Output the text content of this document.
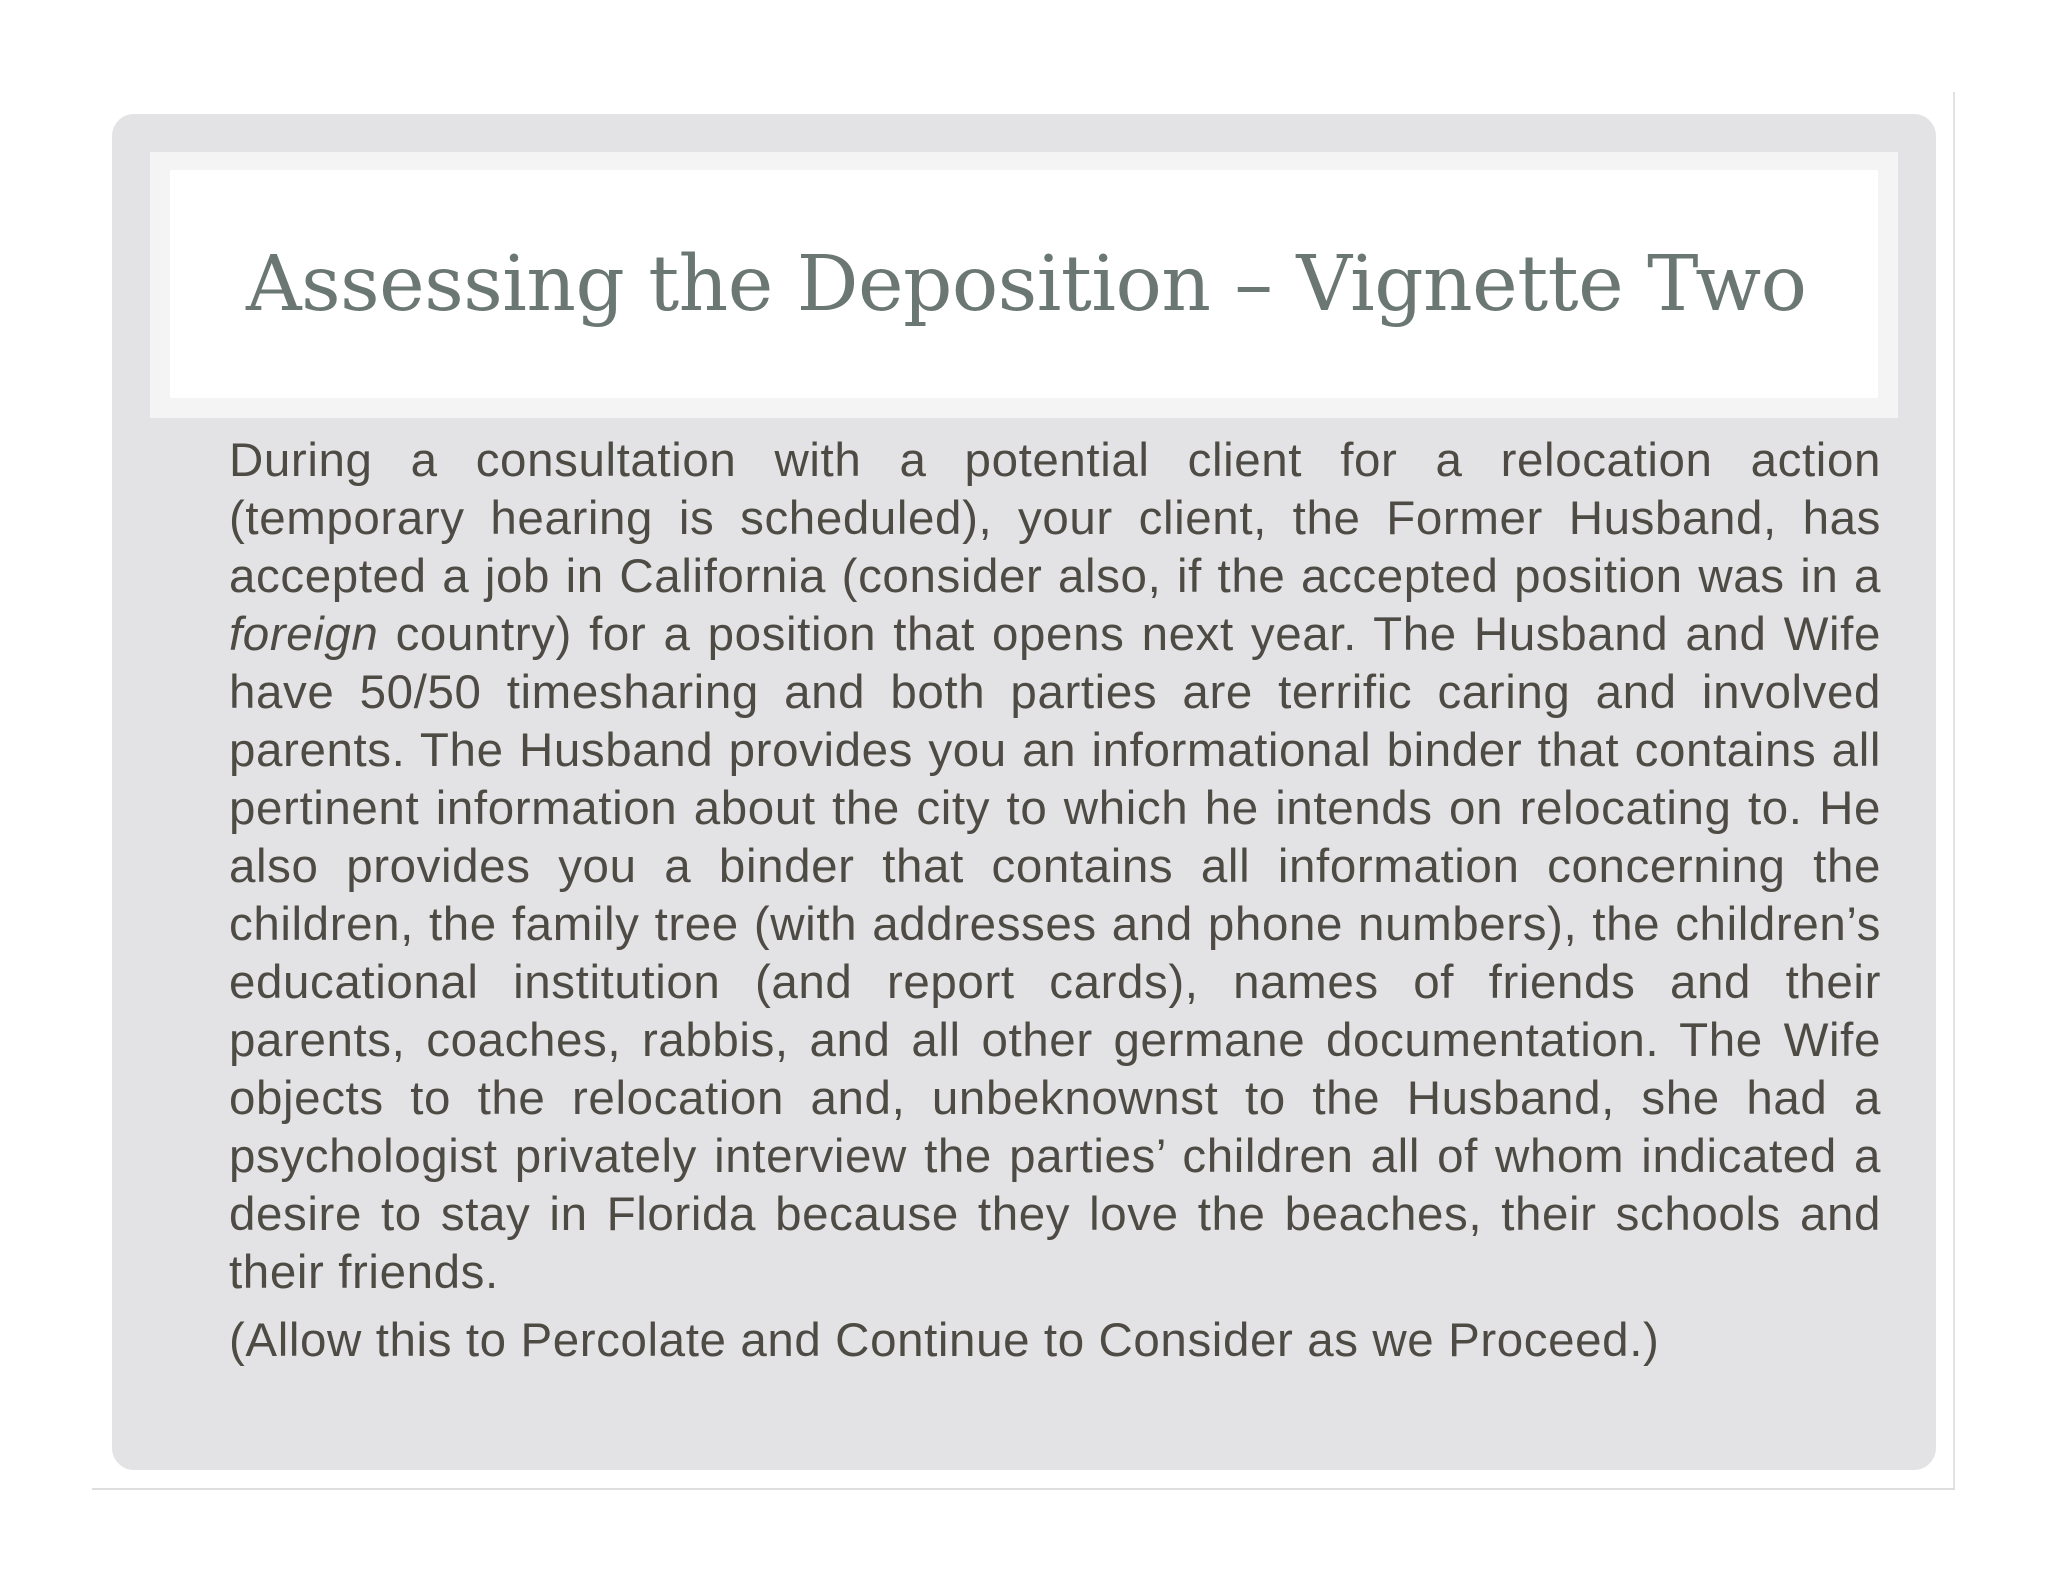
Assessing the Deposition – Vignette Two

During a consultation with a potential client for a relocation action (temporary hearing is scheduled), your client, the Former Husband, has accepted a job in California (consider also, if the accepted position was in a foreign country) for a position that opens next year. The Husband and Wife have 50/50 timesharing and both parties are terrific caring and involved parents. The Husband provides you an informational binder that contains all pertinent information about the city to which he intends on relocating to. He also provides you a binder that contains all information concerning the children, the family tree (with addresses and phone numbers), the children’s educational institution (and report cards), names of friends and their parents, coaches, rabbis, and all other germane documentation. The Wife objects to the relocation and, unbeknownst to the Husband, she had a psychologist privately interview the parties’ children all of whom indicated a desire to stay in Florida because they love the beaches, their schools and their friends.

(Allow this to Percolate and Continue to Consider as we Proceed.)
